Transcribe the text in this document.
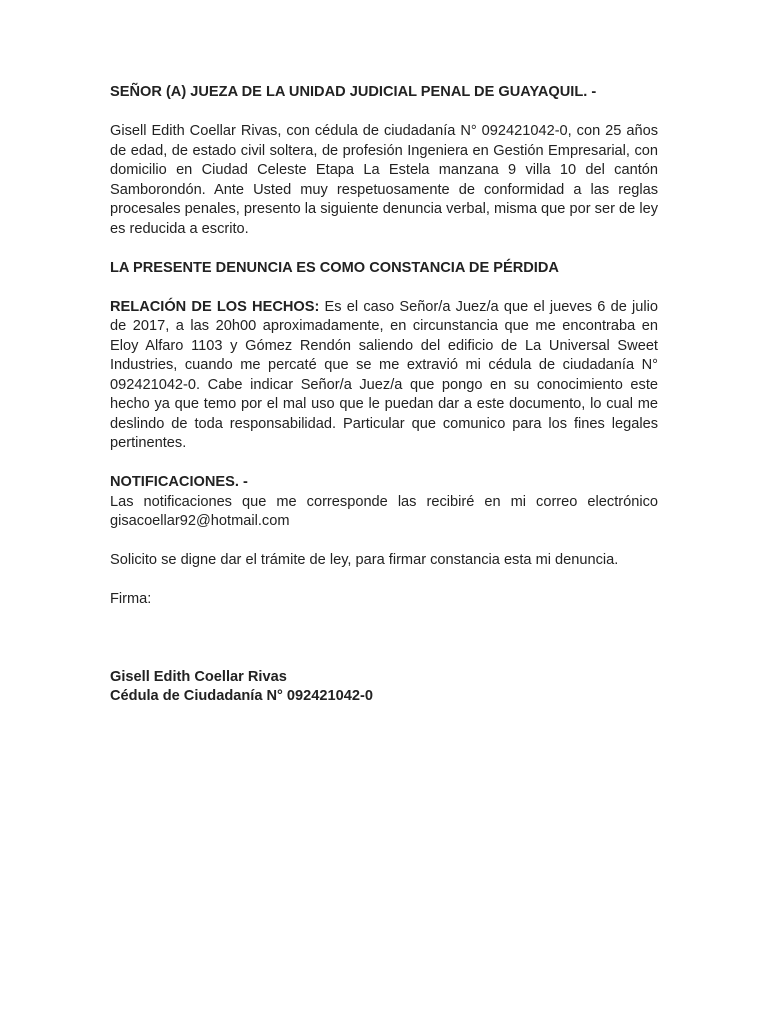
SEÑOR (A) JUEZA DE LA UNIDAD JUDICIAL PENAL DE GUAYAQUIL. -

Gisell Edith Coellar Rivas, con cédula de ciudadanía N° 092421042-0, con 25 años de edad, de estado civil soltera, de profesión Ingeniera en Gestión Empresarial, con domicilio en Ciudad Celeste Etapa La Estela manzana 9 villa 10 del cantón Samborondón. Ante Usted muy respetuosamente de conformidad a las reglas procesales penales, presento la siguiente denuncia verbal, misma que por ser de ley es reducida a escrito.

LA PRESENTE DENUNCIA ES COMO CONSTANCIA DE PÉRDIDA

RELACIÓN DE LOS HECHOS: Es el caso Señor/a Juez/a que el jueves 6 de julio de 2017, a las 20h00 aproximadamente, en circunstancia que me encontraba en Eloy Alfaro 1103 y Gómez Rendón saliendo del edificio de La Universal Sweet Industries, cuando me percaté que se me extravió mi cédula de ciudadanía N° 092421042-0. Cabe indicar Señor/a Juez/a que pongo en su conocimiento este hecho ya que temo por el mal uso que le puedan dar a este documento, lo cual me deslindo de toda responsabilidad. Particular que comunico para los fines legales pertinentes.

NOTIFICACIONES. -

Las notificaciones que me corresponde las recibiré en mi correo electrónico gisacoellar92@hotmail.com

Solicito se digne dar el trámite de ley, para firmar constancia esta mi denuncia.

Firma:

Gisell Edith Coellar Rivas

Cédula de Ciudadanía N° 092421042-0
